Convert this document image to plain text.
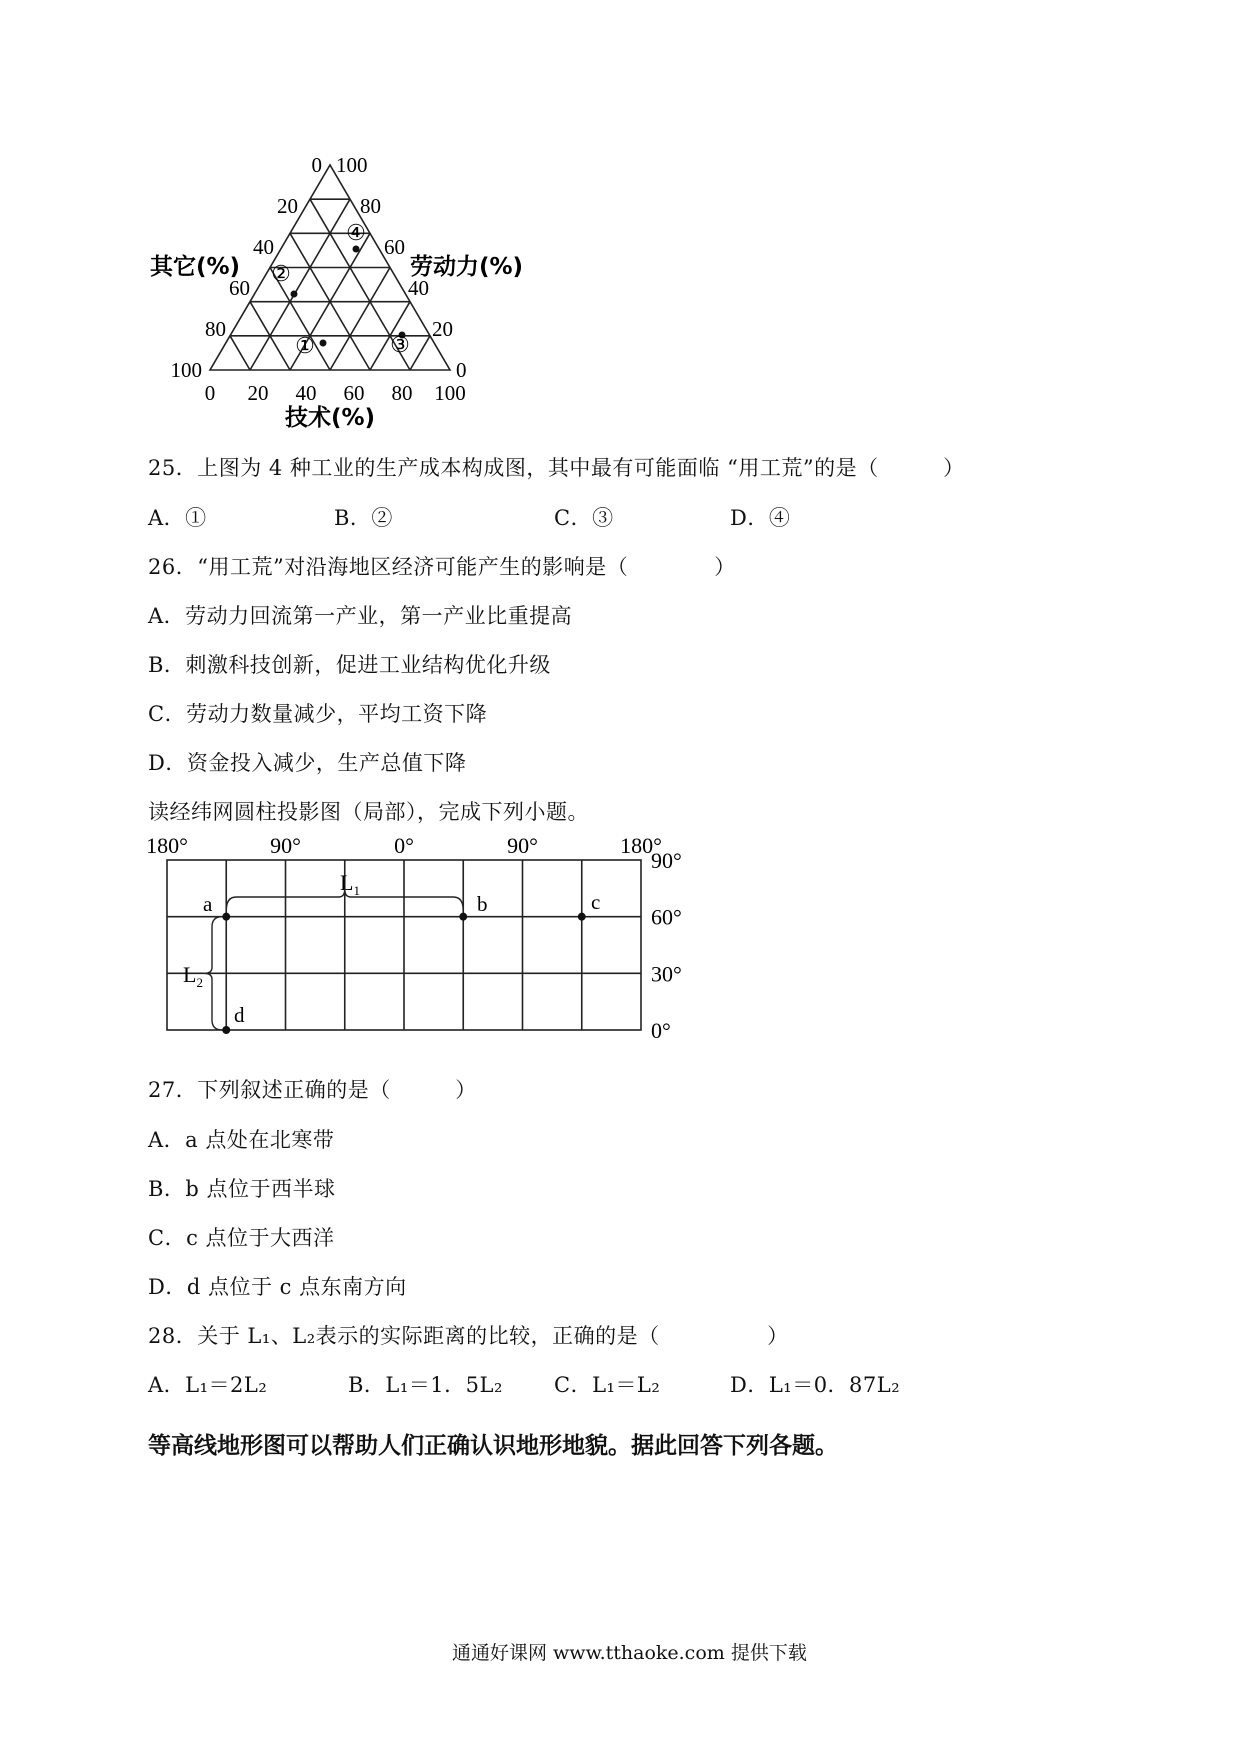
①
②
③
④
100	0
0
80	20
20
60	40
40
40	60
60
20	80
80
0 100
100
其它(%)	劳动力(%)
技术(%)
25．上图为 4 种工业的生产成本构成图，其中最有可能面临 “用工荒”的是（　　　）
A．①	B．②	C．③	D．④
26．“用工荒”对沿海地区经济可能产生的影响是（　　　　）
A．劳动力回流第一产业，第一产业比重提高
B．刺激科技创新，促进工业结构优化升级
C．劳动力数量减少，平均工资下降
D．资金投入减少，生产总值下降
读经纬网圆柱投影图（局部），完成下列小题。
180°	90°	0°	90°	180°
90°
60°
30°
0°
$L_1$
$L_2$
a	b	c
d
27．下列叙述正确的是（　　　）
A．a 点处在北寒带
B．b 点位于西半球
C．c 点位于大西洋
D．d 点位于 c 点东南方向
28．关于 L₁、L₂表示的实际距离的比较，正确的是（　　　　　）
A．L₁＝2L₂	B．L₁＝1．5L₂ C．L₁＝L₂	D．L₁＝0．87L₂
等高线地形图可以帮助人们正确认识地形地貌。据此回答下列各题。
通通好课网 www.tthaoke.com 提供下载
